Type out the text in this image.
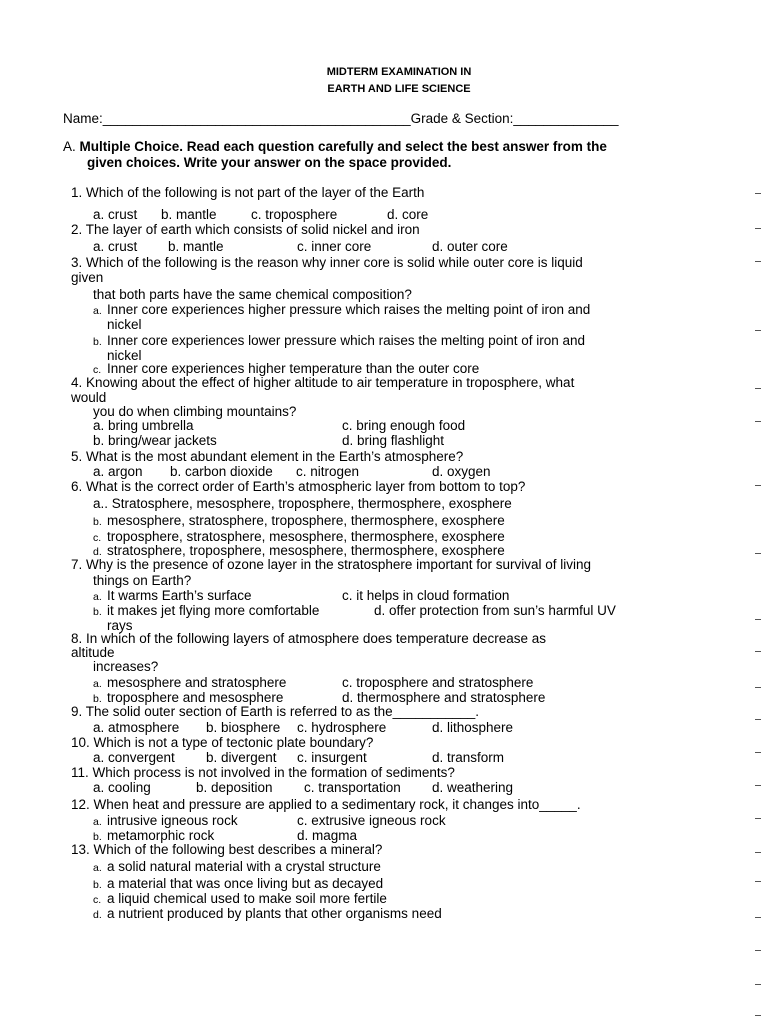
MIDTERM EXAMINATION IN
EARTH AND LIFE SCIENCE
Name:_________________________________________Grade & Section:______________
A. Multiple Choice. Read each question carefully and select the best answer from the
given choices. Write your answer on the space provided.
1. Which of the following is not part of the layer of the Earth
a. crust b. mantle	c. troposphere	d. core
2. The layer of earth which consists of solid nickel and iron
a. crust b. mantle	c. inner core	d. outer core
3. Which of the following is the reason why inner core is solid while outer core is liquid
given
that both parts have the same chemical composition?
a. Inner core experiences higher pressure which raises the melting point of iron and
nickel
b. Inner core experiences lower pressure which raises the melting point of iron and
nickel
c. Inner core experiences higher temperature than the outer core
4. Knowing about the effect of higher altitude to air temperature in troposphere, what
would
you do when climbing mountains?
a. bring umbrella	c. bring enough food
b. bring/wear jackets	d. bring flashlight
5. What is the most abundant element in the Earth’s atmosphere?
a. argon b. carbon dioxide c. nitrogen	d. oxygen
6. What is the correct order of Earth’s atmospheric layer from bottom to top?
a.. Stratosphere, mesosphere, troposphere, thermosphere, exosphere
b. mesosphere, stratosphere, troposphere, thermosphere, exosphere
c. troposphere, stratosphere, mesosphere, thermosphere, exosphere
d. stratosphere, troposphere, mesosphere, thermosphere, exosphere
7. Why is the presence of ozone layer in the stratosphere important for survival of living
things on Earth?
a. It warms Earth’s surface	c. it helps in cloud formation
b. it makes jet flying more comfortable	d. offer protection from sun’s harmful UV
rays
8. In which of the following layers of atmosphere does temperature decrease as
altitude
increases?
a. mesosphere and stratosphere	c. troposphere and stratosphere
b. troposphere and mesosphere	d. thermosphere and stratosphere
9. The solid outer section of Earth is referred to as the___________.
a. atmosphere b. biosphere c. hydrosphere	d. lithosphere
10. Which is not a type of tectonic plate boundary?
a. convergent b. divergent c. insurgent	d. transform
11. Which process is not involved in the formation of sediments?
a. cooling	b. deposition c. transportation d. weathering
12. When heat and pressure are applied to a sedimentary rock, it changes into_____.
a. intrusive igneous rock	c. extrusive igneous rock
b. metamorphic rock	d. magma
13. Which of the following best describes a mineral?
a. a solid natural material with a crystal structure
b. a material that was once living but as decayed
c. a liquid chemical used to make soil more fertile
d. a nutrient produced by plants that other organisms need
